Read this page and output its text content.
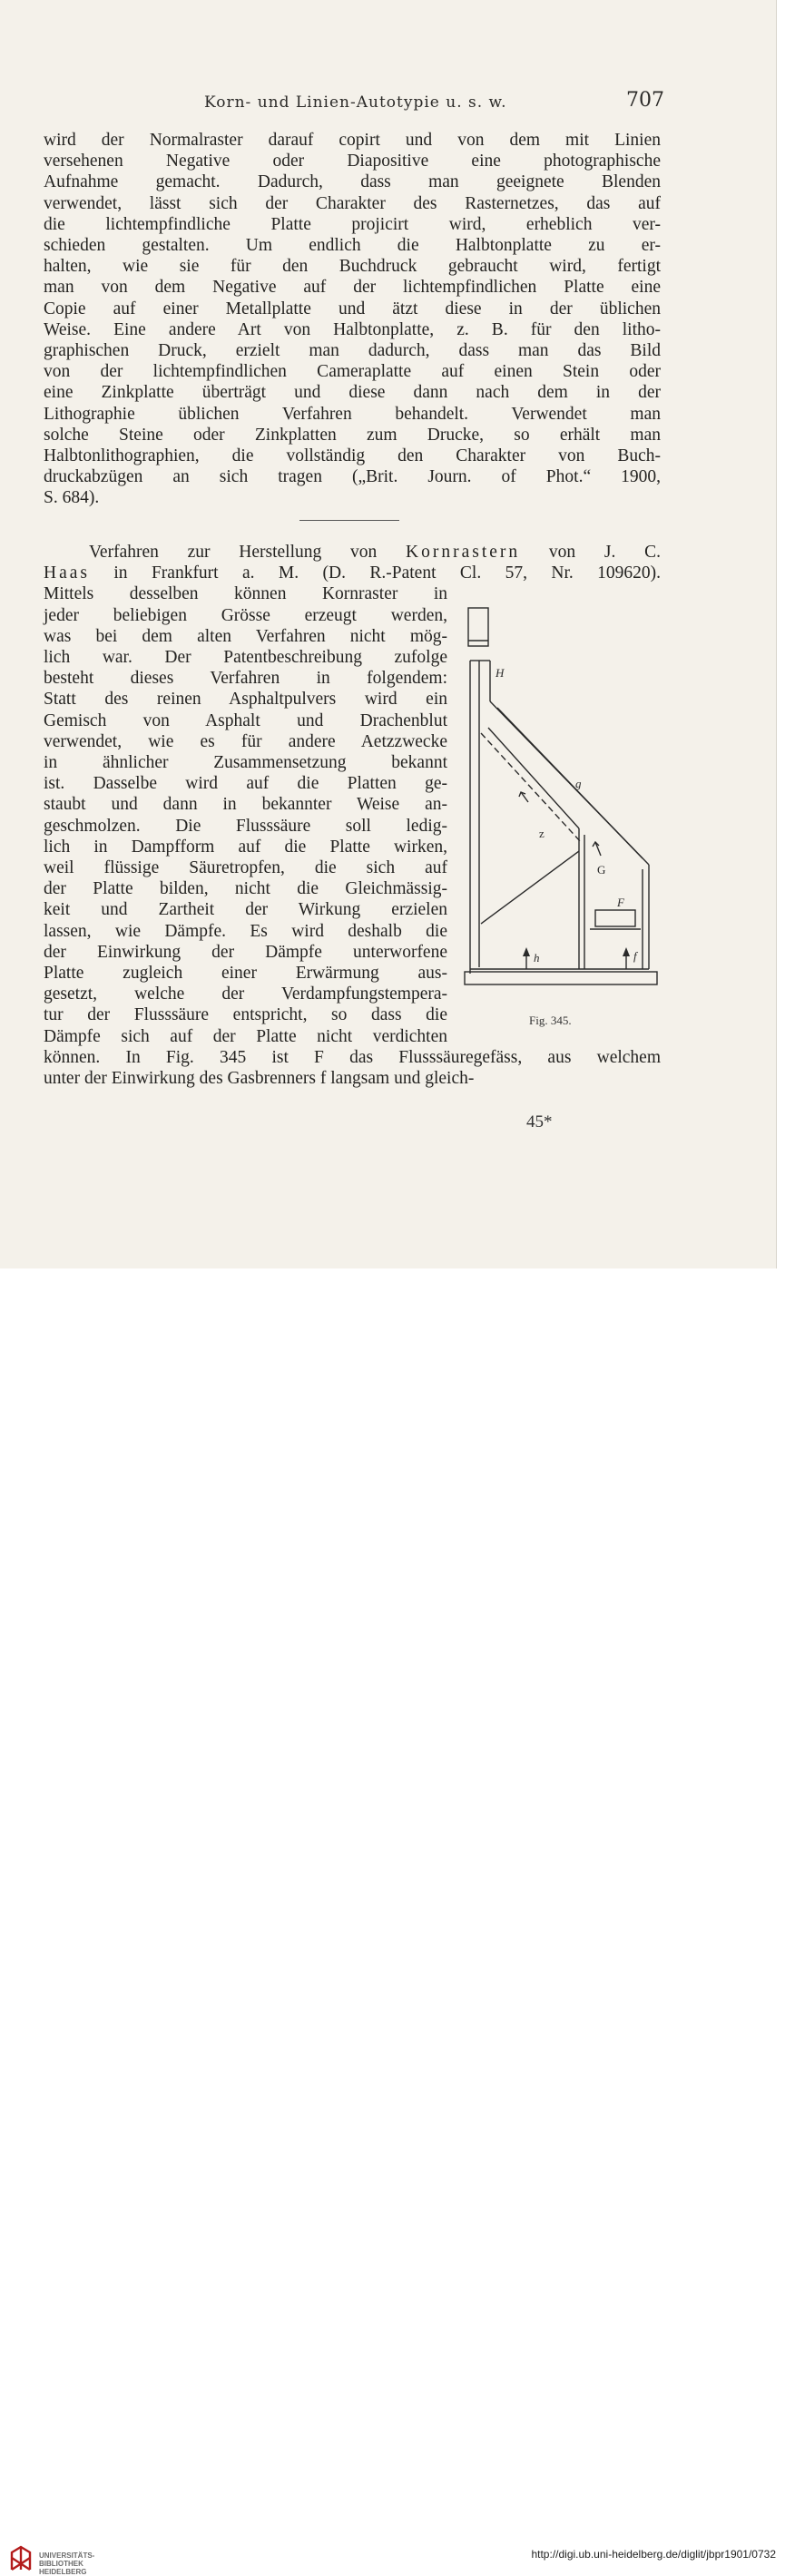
Korn- und Linien-Autotypie u. s. w.	707
wird der Normalraster darauf copirt und von dem mit Linien
versehenen Negative oder Diapositive eine photographische
Aufnahme gemacht. Dadurch, dass man geeignete Blenden
verwendet, lässt sich der Charakter des Rasternetzes, das auf
die lichtempfindliche Platte projicirt wird, erheblich ver-
schieden gestalten. Um endlich die Halbtonplatte zu er-
halten, wie sie für den Buchdruck gebraucht wird, fertigt
man von dem Negative auf der lichtempfindlichen Platte eine
Copie auf einer Metallplatte und ätzt diese in der üblichen
Weise. Eine andere Art von Halbtonplatte, z. B. für den litho-
graphischen Druck, erzielt man dadurch, dass man das Bild
von der lichtempfindlichen Cameraplatte auf einen Stein oder
eine Zinkplatte überträgt und diese dann nach dem in der
Lithographie üblichen Verfahren behandelt. Verwendet man
solche Steine oder Zinkplatten zum Drucke, so erhält man
Halbtonlithographien, die vollständig den Charakter von Buch-
druckabzügen an sich tragen („Brit. Journ. of Phot.“ 1900,
S. 684).
Verfahren zur Herstellung von Kornrastern von J. C.
Haas in Frankfurt a. M. (D. R.-Patent Cl. 57, Nr. 109620).
Mittels desselben können Kornraster in
jeder beliebigen Grösse erzeugt werden,
was bei dem alten Verfahren nicht mög-
lich war. Der Patentbeschreibung zufolge
besteht dieses Verfahren in folgendem:
Statt des reinen Asphaltpulvers wird ein
Gemisch von Asphalt und Drachenblut
verwendet, wie es für andere Aetzzwecke
in ähnlicher Zusammensetzung bekannt
ist. Dasselbe wird auf die Platten ge-
staubt und dann in bekannter Weise an-
geschmolzen. Die Flusssäure soll ledig-
lich in Dampfform auf die Platte wirken,
weil flüssige Säuretropfen, die sich auf
der Platte bilden, nicht die Gleichmässig-
keit und Zartheit der Wirkung erzielen
lassen, wie Dämpfe. Es wird deshalb die
der Einwirkung der Dämpfe unterworfene
Platte zugleich einer Erwärmung aus-
gesetzt, welche der Verdampfungstempera-
tur der Flusssäure entspricht, so dass die
Dämpfe sich auf der Platte nicht verdichten
können. In Fig. 345 ist F das Flusssäuregefäss, aus welchem
unter der Einwirkung des Gasbrenners f langsam und gleich-
H
g
z
G
F
h	f
Fig. 345.
45*
UNIVERSITÄTS-
BIBLIOTHEK
HEIDELBERG
http://digi.ub.uni-heidelberg.de/diglit/jbpr1901/0732
